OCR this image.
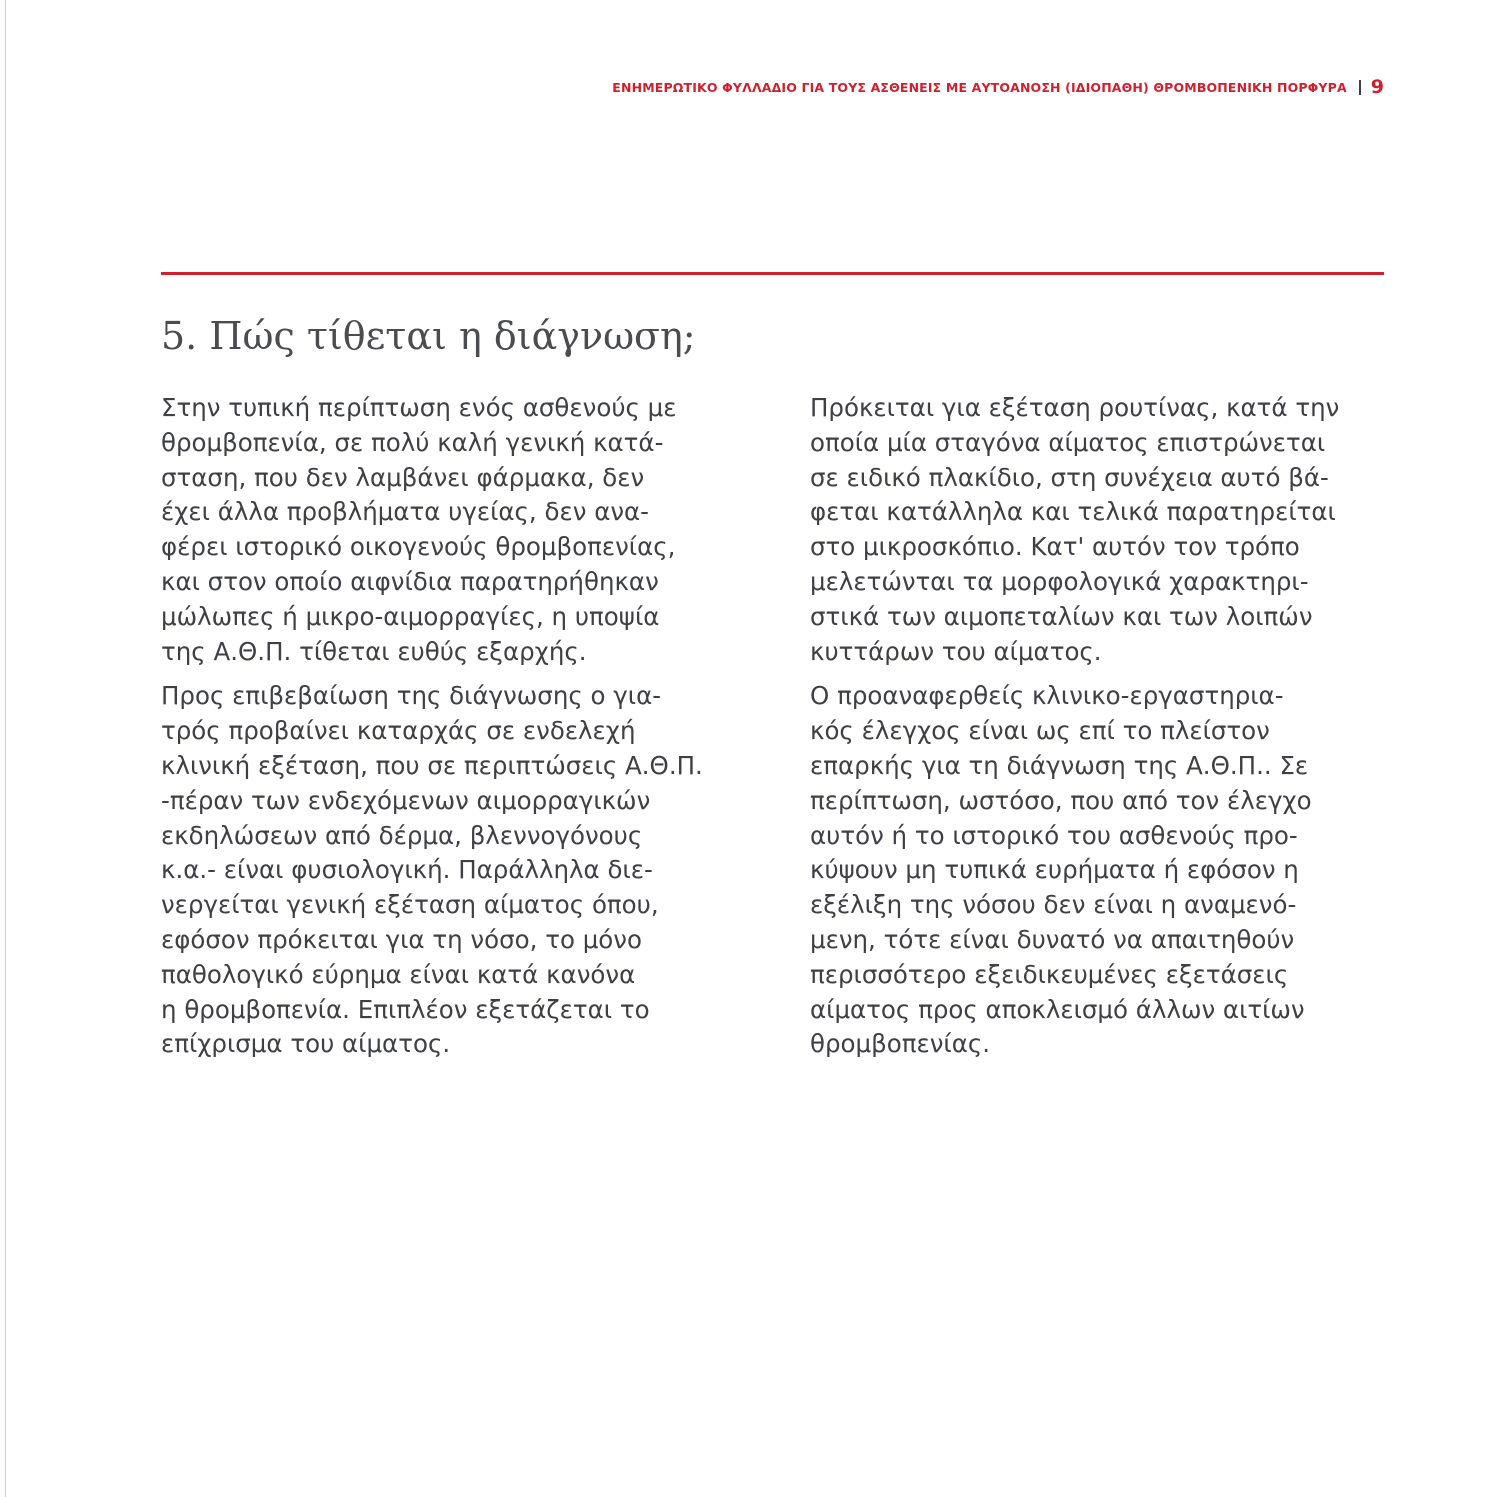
ΕΝΗΜΕΡΩΤΙΚΟ ΦΥΛΛΑΔΙΟ ΓΙΑ ΤΟΥΣ ΑΣΘΕΝΕΙΣ ΜΕ ΑΥΤΟΑΝΟΣΗ (ΙΔΙΟΠΑΘΗ) ΘΡΟΜΒΟΠΕΝΙΚΗ ΠΟΡΦΥΡΑ 9
5. Πώς τίθεται η διάγνωση;

Στην τυπική περίπτωση ενός ασθενούς με
θρομβοπενία, σε πολύ καλή γενική κατά-
σταση, που δεν λαμβάνει φάρμακα, δεν
έχει άλλα προβλήματα υγείας, δεν ανα-
φέρει ιστορικό οικογενούς θρομβοπενίας,
και στον οποίο αιφνίδια παρατηρήθηκαν
μώλωπες ή μικρο-αιμορραγίες, η υποψία
της Α.Θ.Π. τίθεται ευθύς εξαρχής.

Προς επιβεβαίωση της διάγνωσης ο για-
τρός προβαίνει καταρχάς σε ενδελεχή
κλινική εξέταση, που σε περιπτώσεις Α.Θ.Π.
-πέραν των ενδεχόμενων αιμορραγικών
εκδηλώσεων από δέρμα, βλεννογόνους
κ.α.- είναι φυσιολογική. Παράλληλα διε-
νεργείται γενική εξέταση αίματος όπου,
εφόσον πρόκειται για τη νόσο, το μόνο
παθολογικό εύρημα είναι κατά κανόνα
η θρομβοπενία. Επιπλέον εξετάζεται το
επίχρισμα του αίματος.

Πρόκειται για εξέταση ρουτίνας, κατά την
οποία μία σταγόνα αίματος επιστρώνεται
σε ειδικό πλακίδιο, στη συνέχεια αυτό βά-
φεται κατάλληλα και τελικά παρατηρείται
στο μικροσκόπιο. Κατ' αυτόν τον τρόπο
μελετώνται τα μορφολογικά χαρακτηρι-
στικά των αιμοπεταλίων και των λοιπών
κυττάρων του αίματος.

Ο προαναφερθείς κλινικο-εργαστηρια-
κός έλεγχος είναι ως επί το πλείστον
επαρκής για τη διάγνωση της Α.Θ.Π.. Σε
περίπτωση, ωστόσο, που από τον έλεγχο
αυτόν ή το ιστορικό του ασθενούς προ-
κύψουν μη τυπικά ευρήματα ή εφόσον η
εξέλιξη της νόσου δεν είναι η αναμενό-
μενη, τότε είναι δυνατό να απαιτηθούν
περισσότερο εξειδικευμένες εξετάσεις
αίματος προς αποκλεισμό άλλων αιτίων
θρομβοπενίας.
